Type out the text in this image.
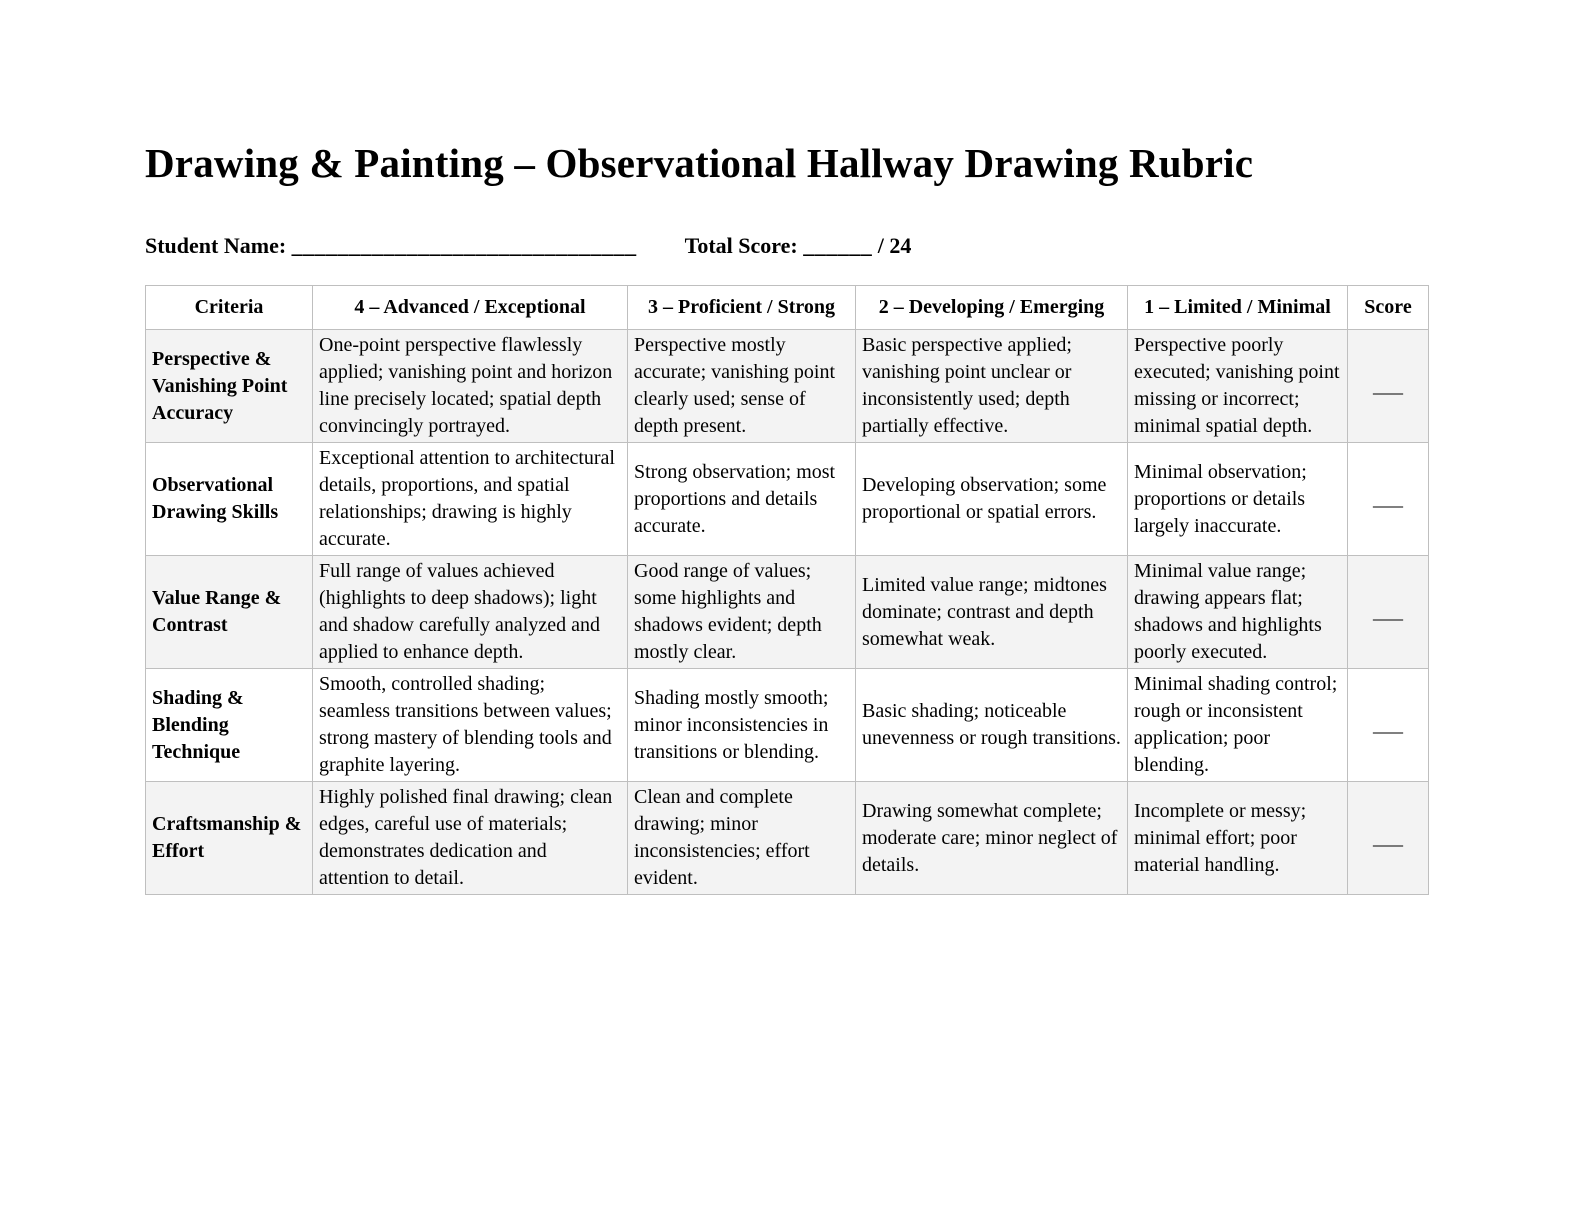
Drawing & Painting – Observational Hallway Drawing Rubric
Student Name: ______________________________ Total Score: ______ / 24
Criteria	4 – Advanced / Exceptional	3 – Proficient / Strong	2 – Developing / Emerging	1 – Limited / Minimal	Score
Perspective & Vanishing Point Accuracy	One-point perspective flawlessly applied; vanishing point and horizon line precisely located; spatial depth convincingly portrayed.	Perspective mostly accurate; vanishing point clearly used; sense of depth present.	Basic perspective applied; vanishing point unclear or inconsistently used; depth partially effective.	Perspective poorly executed; vanishing point missing or incorrect; minimal spatial depth.	___
Observational Drawing Skills	Exceptional attention to architectural details, proportions, and spatial relationships; drawing is highly accurate.	Strong observation; most proportions and details accurate.	Developing observation; some proportional or spatial errors.	Minimal observation; proportions or details largely inaccurate.	___
Value Range & Contrast	Full range of values achieved (highlights to deep shadows); light and shadow carefully analyzed and applied to enhance depth.	Good range of values; some highlights and shadows evident; depth mostly clear.	Limited value range; midtones dominate; contrast and depth somewhat weak.	Minimal value range; drawing appears flat; shadows and highlights poorly executed.	___
Shading & Blending Technique	Smooth, controlled shading; seamless transitions between values; strong mastery of blending tools and graphite layering.	Shading mostly smooth; minor inconsistencies in transitions or blending.	Basic shading; noticeable unevenness or rough transitions.	Minimal shading control; rough or inconsistent application; poor blending.	___
Craftsmanship & Effort	Highly polished final drawing; clean edges, careful use of materials; demonstrates dedication and attention to detail.	Clean and complete drawing; minor inconsistencies; effort evident.	Drawing somewhat complete; moderate care; minor neglect of details.	Incomplete or messy; minimal effort; poor material handling.	___
